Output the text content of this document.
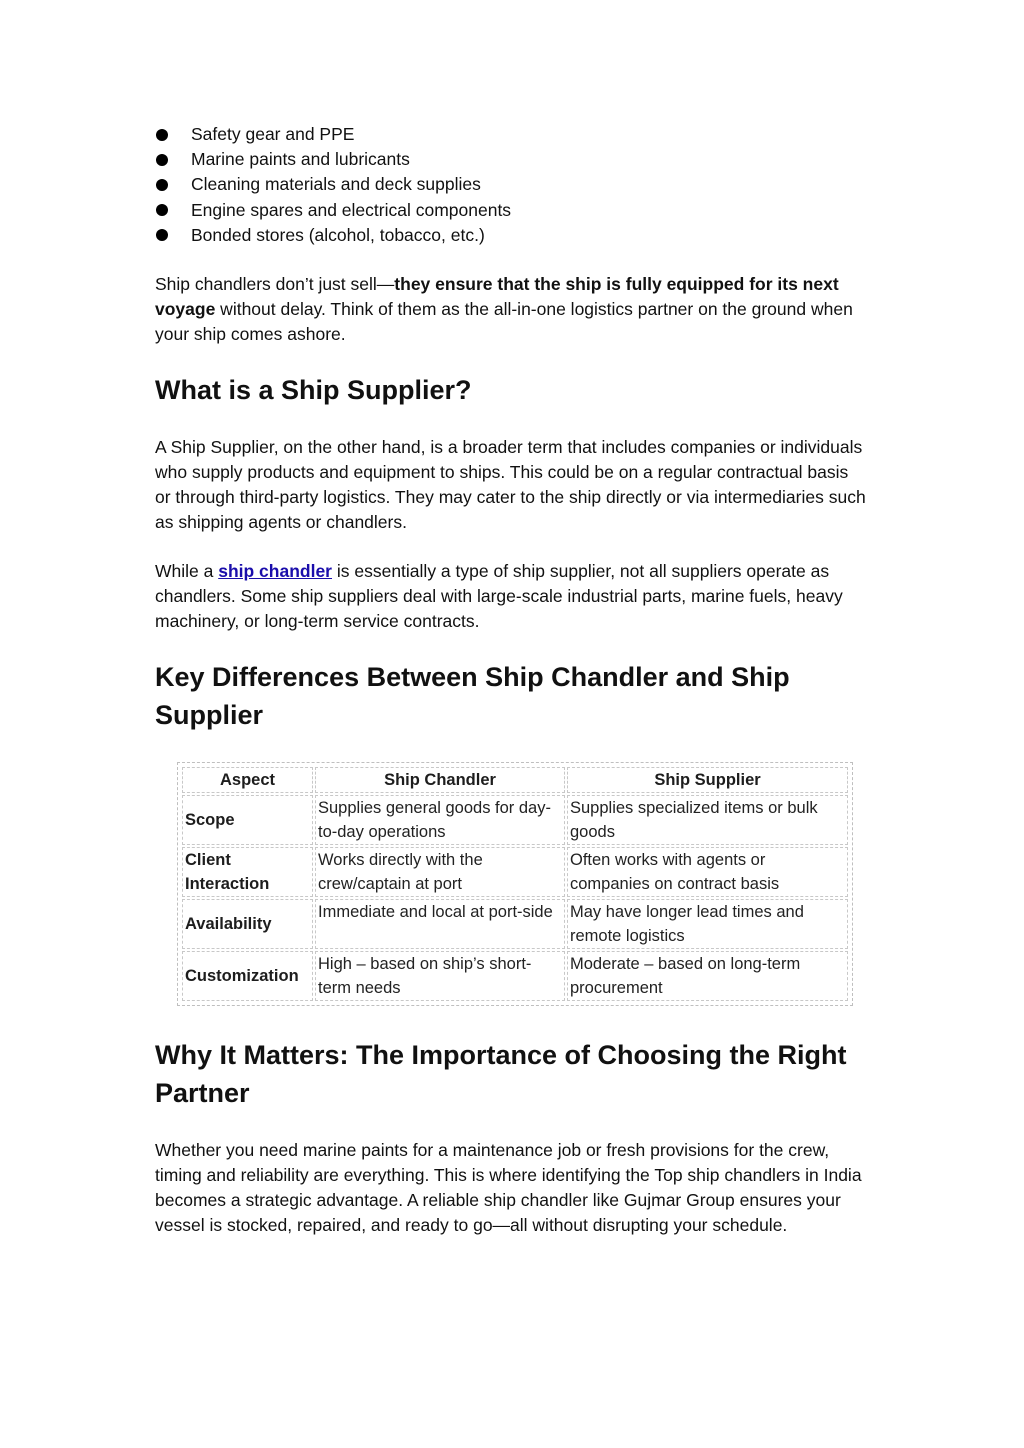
Safety gear and PPE
Marine paints and lubricants
Cleaning materials and deck supplies
Engine spares and electrical components
Bonded stores (alcohol, tobacco, etc.)

Ship chandlers don’t just sell—they ensure that the ship is fully equipped for its next voyage without delay. Think of them as the all-in-one logistics partner on the ground when your ship comes ashore.

What is a Ship Supplier?

A Ship Supplier, on the other hand, is a broader term that includes companies or individuals who supply products and equipment to ships. This could be on a regular contractual basis or through third-party logistics. They may cater to the ship directly or via intermediaries such as shipping agents or chandlers.

While a ship chandler is essentially a type of ship supplier, not all suppliers operate as chandlers. Some ship suppliers deal with large-scale industrial parts, marine fuels, heavy machinery, or long-term service contracts.

Key Differences Between Ship Chandler and Ship Supplier
Aspect	Ship Chandler	Ship Supplier
Scope	Supplies general goods for day-to-day operations	Supplies specialized items or bulk goods
Client Interaction	Works directly with the crew/captain at port	Often works with agents or companies on contract basis
Availability	Immediate and local at port-side	May have longer lead times and remote logistics
Customization	High – based on ship’s short-term needs	Moderate – based on long-term procurement
Why It Matters: The Importance of Choosing the Right Partner

Whether you need marine paints for a maintenance job or fresh provisions for the crew, timing and reliability are everything. This is where identifying the Top ship chandlers in India becomes a strategic advantage. A reliable ship chandler like Gujmar Group ensures your vessel is stocked, repaired, and ready to go—all without disrupting your schedule.
